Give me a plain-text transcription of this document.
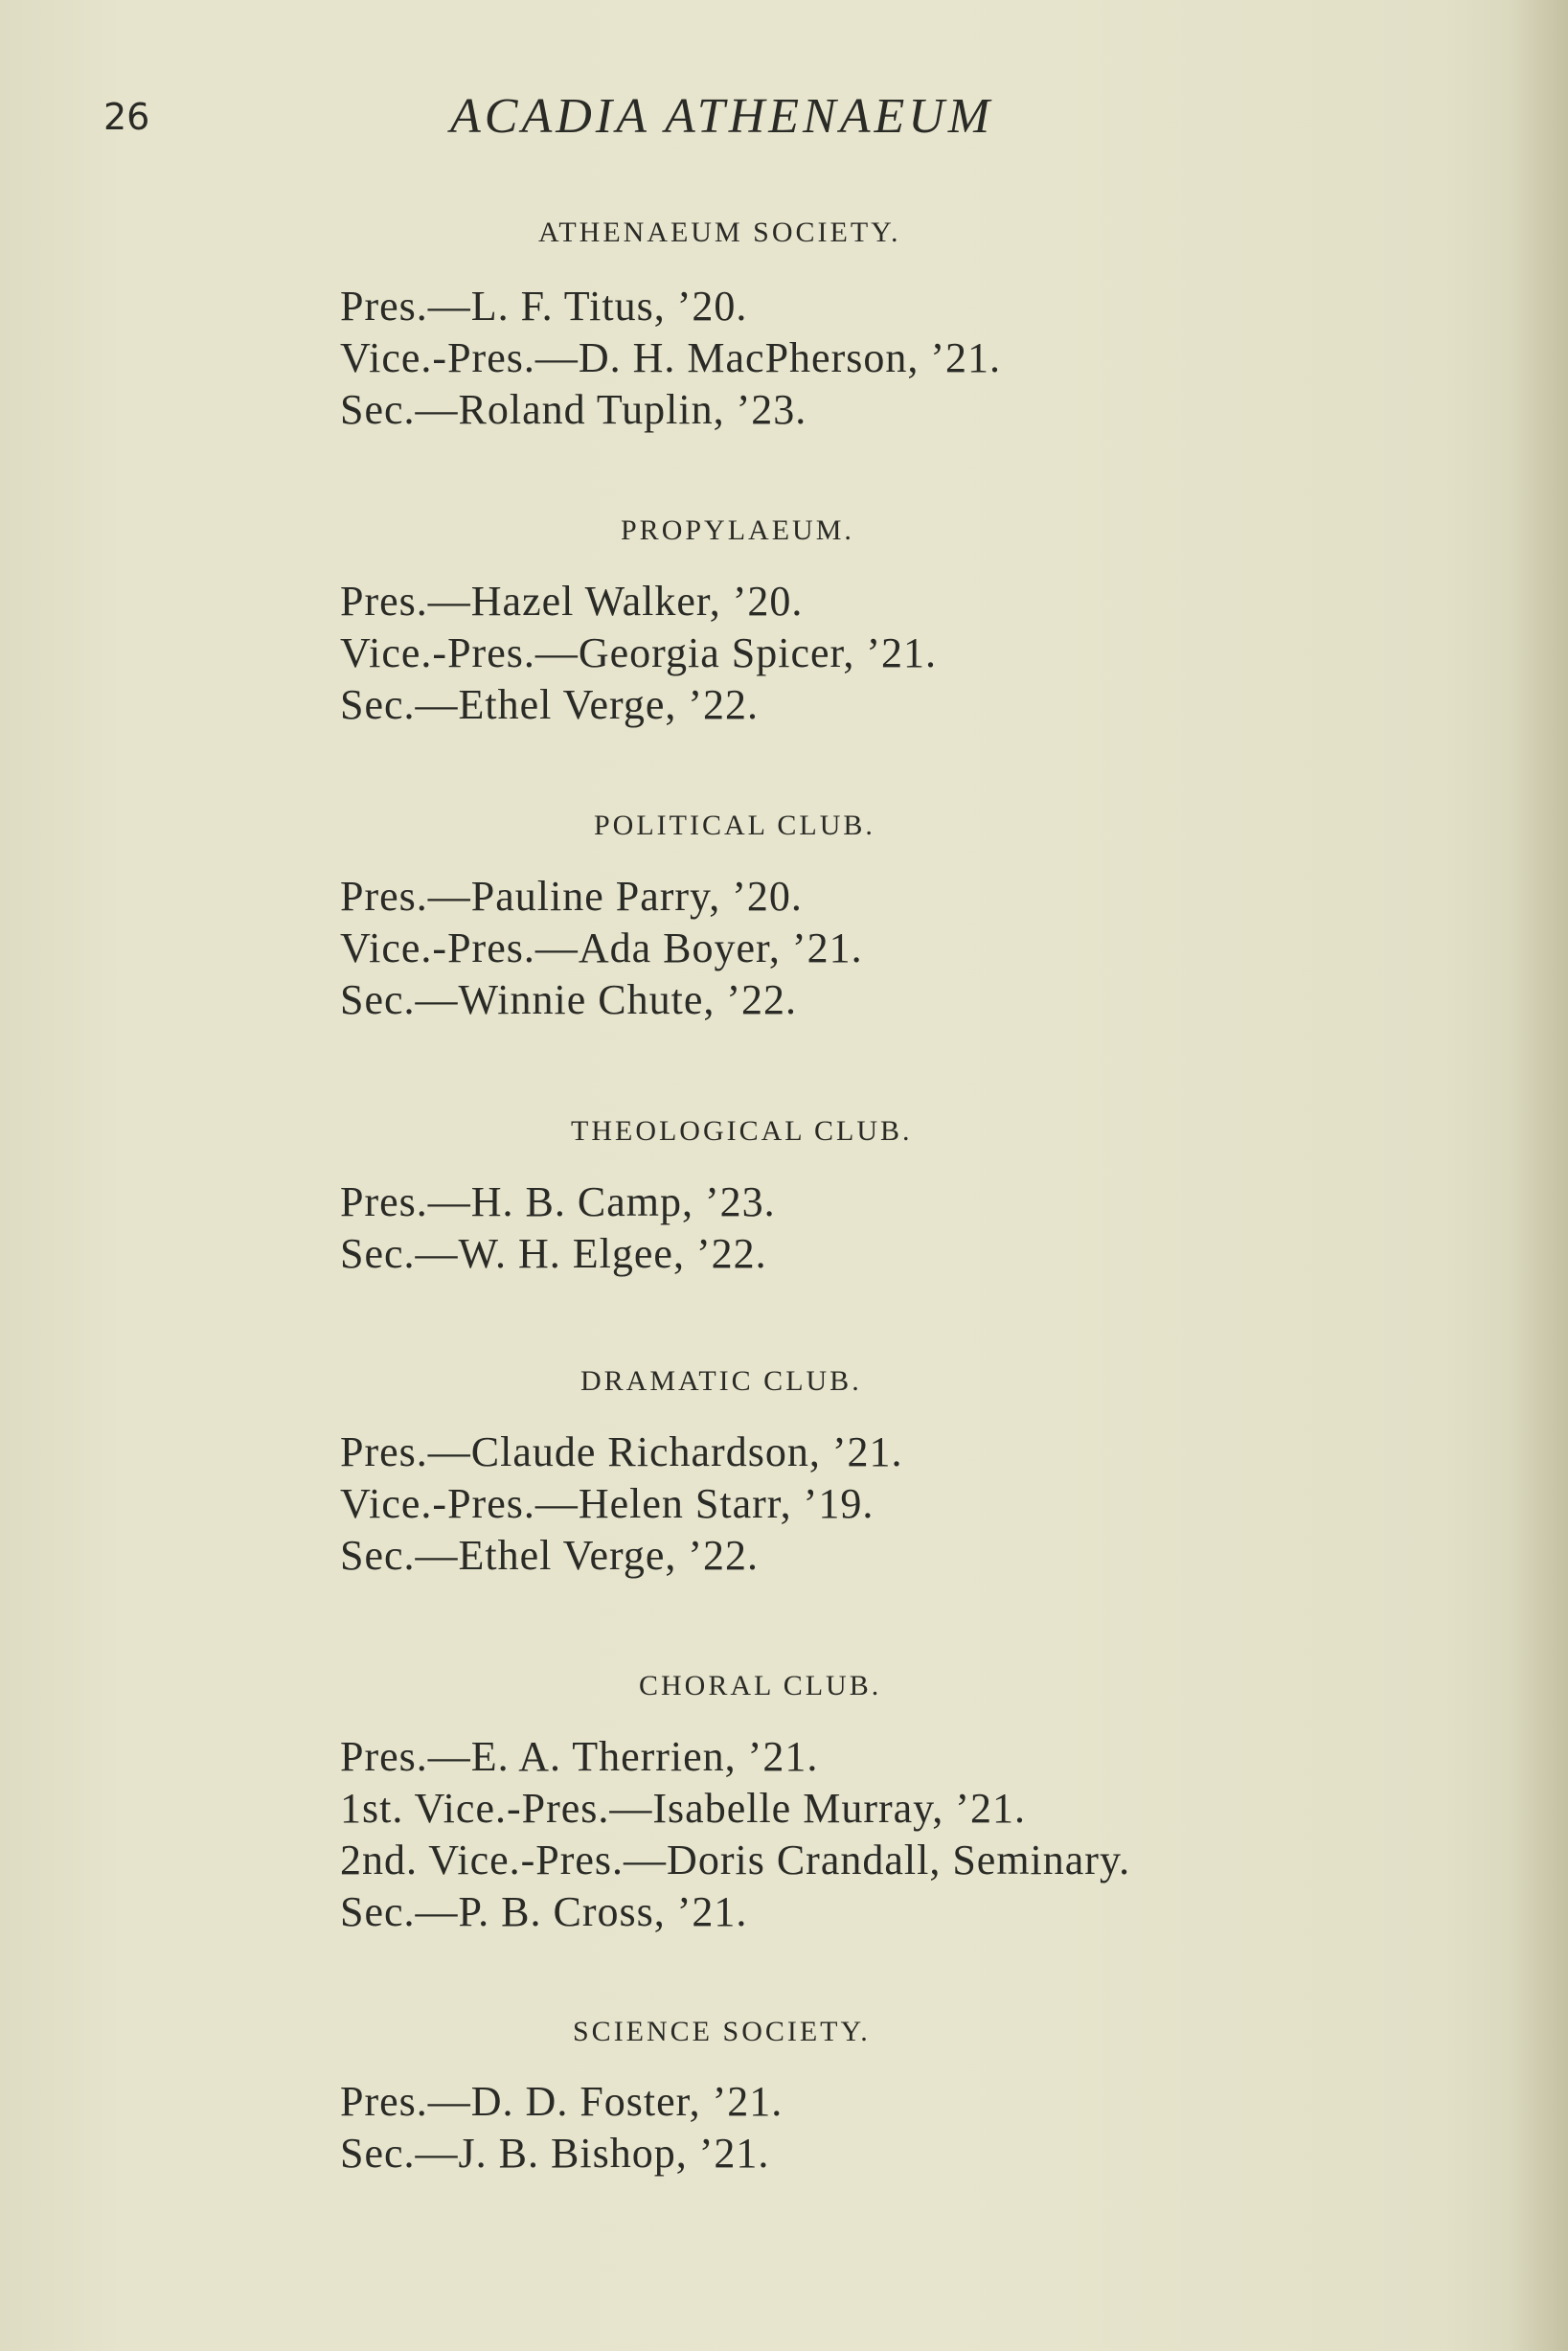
26	ACADIA ATHENAEUM
ATHENAEUM SOCIETY.
Pres.—L. F. Titus, ’20.
Vice.-Pres.—D. H. MacPherson, ’21.
Sec.—Roland Tuplin, ’23.
PROPYLAEUM.
Pres.—Hazel Walker, ’20.
Vice.-Pres.—Georgia Spicer, ’21.
Sec.—Ethel Verge, ’22.
POLITICAL CLUB.
Pres.—Pauline Parry, ’20.
Vice.-Pres.—Ada Boyer, ’21.
Sec.—Winnie Chute, ’22.
THEOLOGICAL CLUB.
Pres.—H. B. Camp, ’23.
Sec.—W. H. Elgee, ’22.
DRAMATIC CLUB.
Pres.—Claude Richardson, ’21.
Vice.-Pres.—Helen Starr, ’19.
Sec.—Ethel Verge, ’22.
CHORAL CLUB.
Pres.—E. A. Therrien, ’21.
1st. Vice.-Pres.—Isabelle Murray, ’21.
2nd. Vice.-Pres.—Doris Crandall, Seminary.
Sec.—P. B. Cross, ’21.
SCIENCE SOCIETY.
Pres.—D. D. Foster, ’21.
Sec.—J. B. Bishop, ’21.
